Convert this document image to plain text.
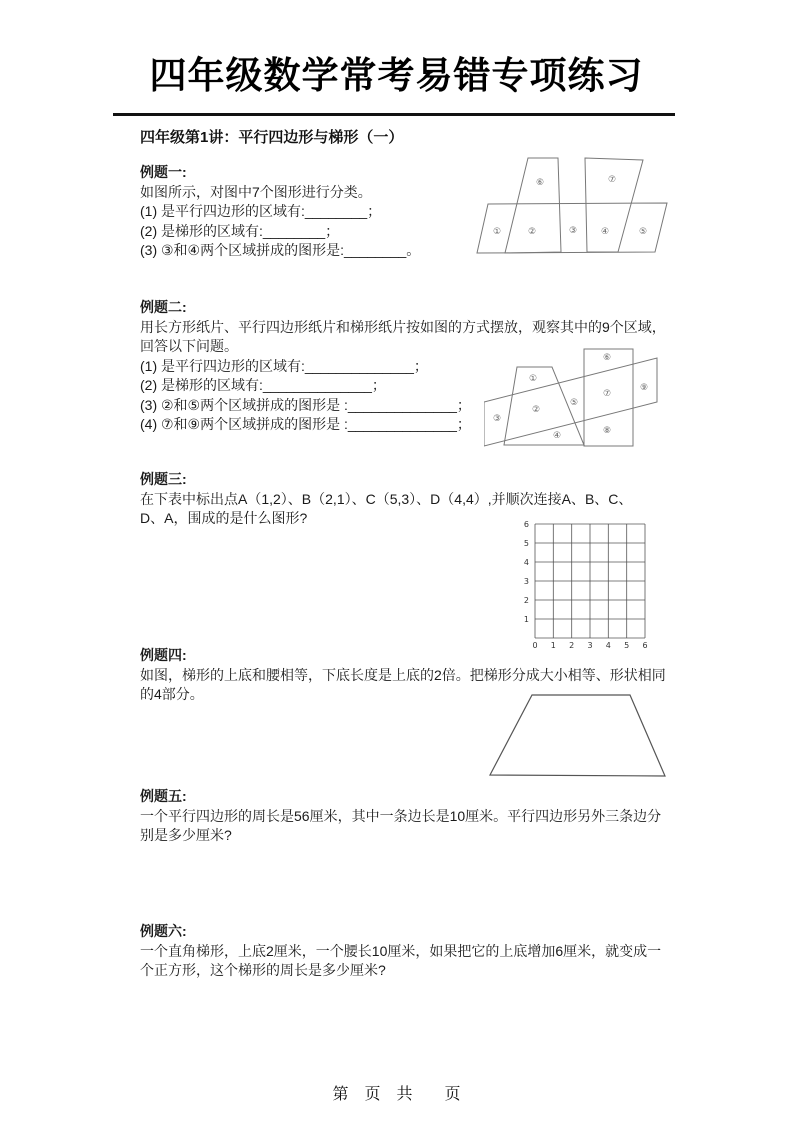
四年级数学常考易错专项练习
四年级第1讲：平行四边形与梯形（一）
例题一:
如图所示，对图中7个图形进行分类。
(1) 是平行四边形的区域有:________；
(2) 是梯形的区域有:________；
(3) ③和④两个区域拼成的图形是:________。
①	②	③	④	⑤
⑥	⑦
例题二:
用长方形纸片、平行四边形纸片和梯形纸片按如图的方式摆放，观察其中的9个区域，
回答以下问题。
(1) 是平行四边形的区域有:______________；
(2) 是梯形的区域有:______________；
(3) ②和⑤两个区域拼成的图形是 :______________；
(4) ⑦和⑨两个区域拼成的图形是 :______________；
①
②
③
④
⑤
⑥
⑦
⑧
⑨
例题三:
在下表中标出点A（1,2）、B（2,1）、C（5,3）、D（4,4）,并顺次连接A、B、C、
D、A，围成的是什么图形?	6
5
4
3
2
1
0 1 2 3 4 5 6
例题四:
如图，梯形的上底和腰相等，下底长度是上底的2倍。把梯形分成大小相等、形状相同
的4部分。
例题五:
一个平行四边形的周长是56厘米，其中一条边长是10厘米。平行四边形另外三条边分
别是多少厘米?
例题六:
一个直角梯形，上底2厘米，一个腰长10厘米，如果把它的上底增加6厘米，就变成一
个正方形，这个梯形的周长是多少厘米?
第　页　共　　页
